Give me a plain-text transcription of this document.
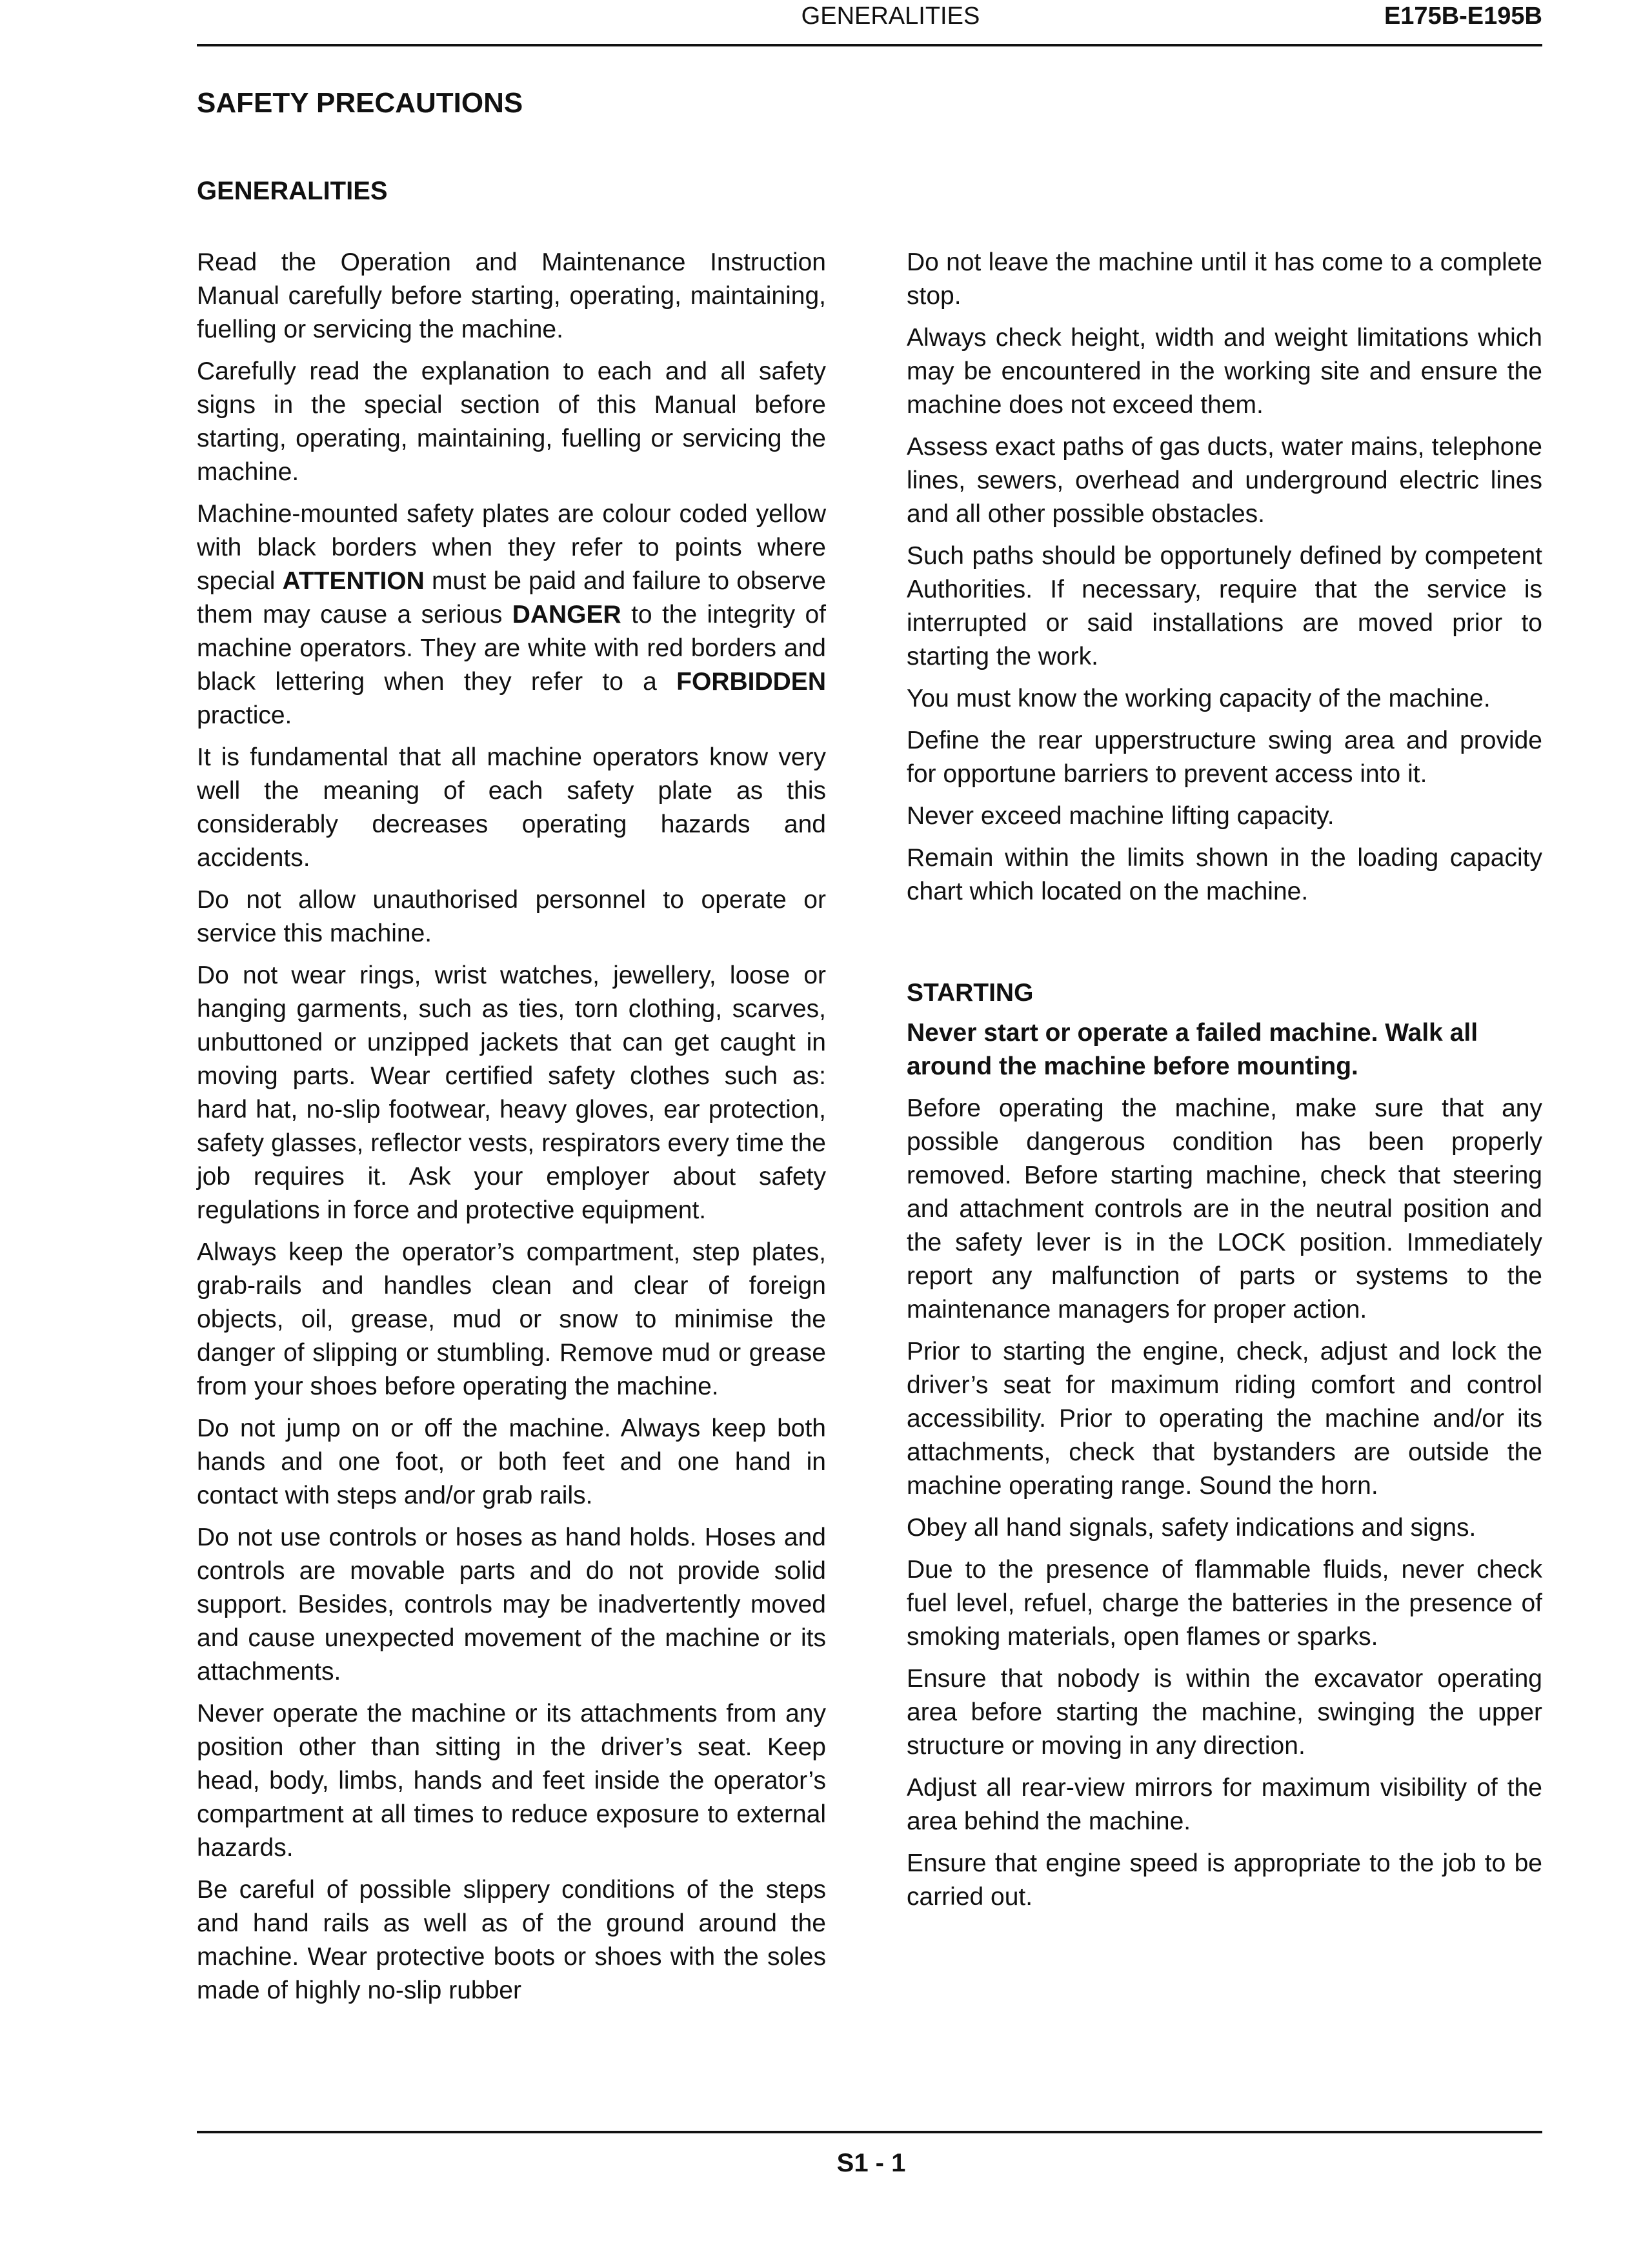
GENERALITIES	E175B-E195B
SAFETY PRECAUTIONS
GENERALITIES

Read the Operation and Maintenance Instruction Manual carefully before starting, operating, maintaining, fuelling or servicing the machine.

Carefully read the explanation to each and all safety signs in the special section of this Manual before starting, operating, maintaining, fuelling or servicing the machine.

Machine-mounted safety plates are colour coded yellow with black borders when they refer to points where special ATTENTION must be paid and failure to observe them may cause a serious DANGER to the integrity of machine operators. They are white with red borders and black lettering when they refer to a FORBIDDEN practice.

It is fundamental that all machine operators know very well the meaning of each safety plate as this considerably decreases operating hazards and accidents.

Do not allow unauthorised personnel to operate or service this machine.

Do not wear rings, wrist watches, jewellery, loose or hanging garments, such as ties, torn clothing, scarves, unbuttoned or unzipped jackets that can get caught in moving parts. Wear certified safety clothes such as: hard hat, no-slip footwear, heavy gloves, ear protection, safety glasses, reflector vests, respirators every time the job requires it. Ask your employer about safety regulations in force and protective equipment.

Always keep the operator’s compartment, step plates, grab-rails and handles clean and clear of foreign objects, oil, grease, mud or snow to minimise the danger of slipping or stumbling. Remove mud or grease from your shoes before operating the machine.

Do not jump on or off the machine. Always keep both hands and one foot, or both feet and one hand in contact with steps and/or grab rails.

Do not use controls or hoses as hand holds. Hoses and controls are movable parts and do not provide solid support. Besides, controls may be inadvertently moved and cause unexpected movement of the machine or its attachments.

Never operate the machine or its attachments from any position other than sitting in the driver’s seat. Keep head, body, limbs, hands and feet inside the operator’s compartment at all times to reduce exposure to external hazards.

Be careful of possible slippery conditions of the steps and hand rails as well as of the ground around the machine. Wear protective boots or shoes with the soles made of highly no-slip rubber

Do not leave the machine until it has come to a complete stop.

Always check height, width and weight limitations which may be encountered in the working site and ensure the machine does not exceed them.

Assess exact paths of gas ducts, water mains, telephone lines, sewers, overhead and underground electric lines and all other possible obstacles.

Such paths should be opportunely defined by competent Authorities. If necessary, require that the service is interrupted or said installations are moved prior to starting the work.

You must know the working capacity of the machine.

Define the rear upperstructure swing area and provide for opportune barriers to prevent access into it.

Never exceed machine lifting capacity.

Remain within the limits shown in the loading capacity chart which located on the machine.

STARTING

Never start or operate a failed machine. Walk all around the machine before mounting.

Before operating the machine, make sure that any possible dangerous condition has been properly removed. Before starting machine, check that steering and attachment controls are in the neutral position and the safety lever is in the LOCK position. Immediately report any malfunction of parts or systems to the maintenance managers for proper action.

Prior to starting the engine, check, adjust and lock the driver’s seat for maximum riding comfort and control accessibility. Prior to operating the machine and/or its attachments, check that bystanders are outside the machine operating range. Sound the horn.

Obey all hand signals, safety indications and signs.

Due to the presence of flammable fluids, never check fuel level, refuel, charge the batteries in the presence of smoking materials, open flames or sparks.

Ensure that nobody is within the excavator operating area before starting the machine, swinging the upper structure or moving in any direction.

Adjust all rear-view mirrors for maximum visibility of the area behind the machine.

Ensure that engine speed is appropriate to the job to be carried out.

S1 - 1
